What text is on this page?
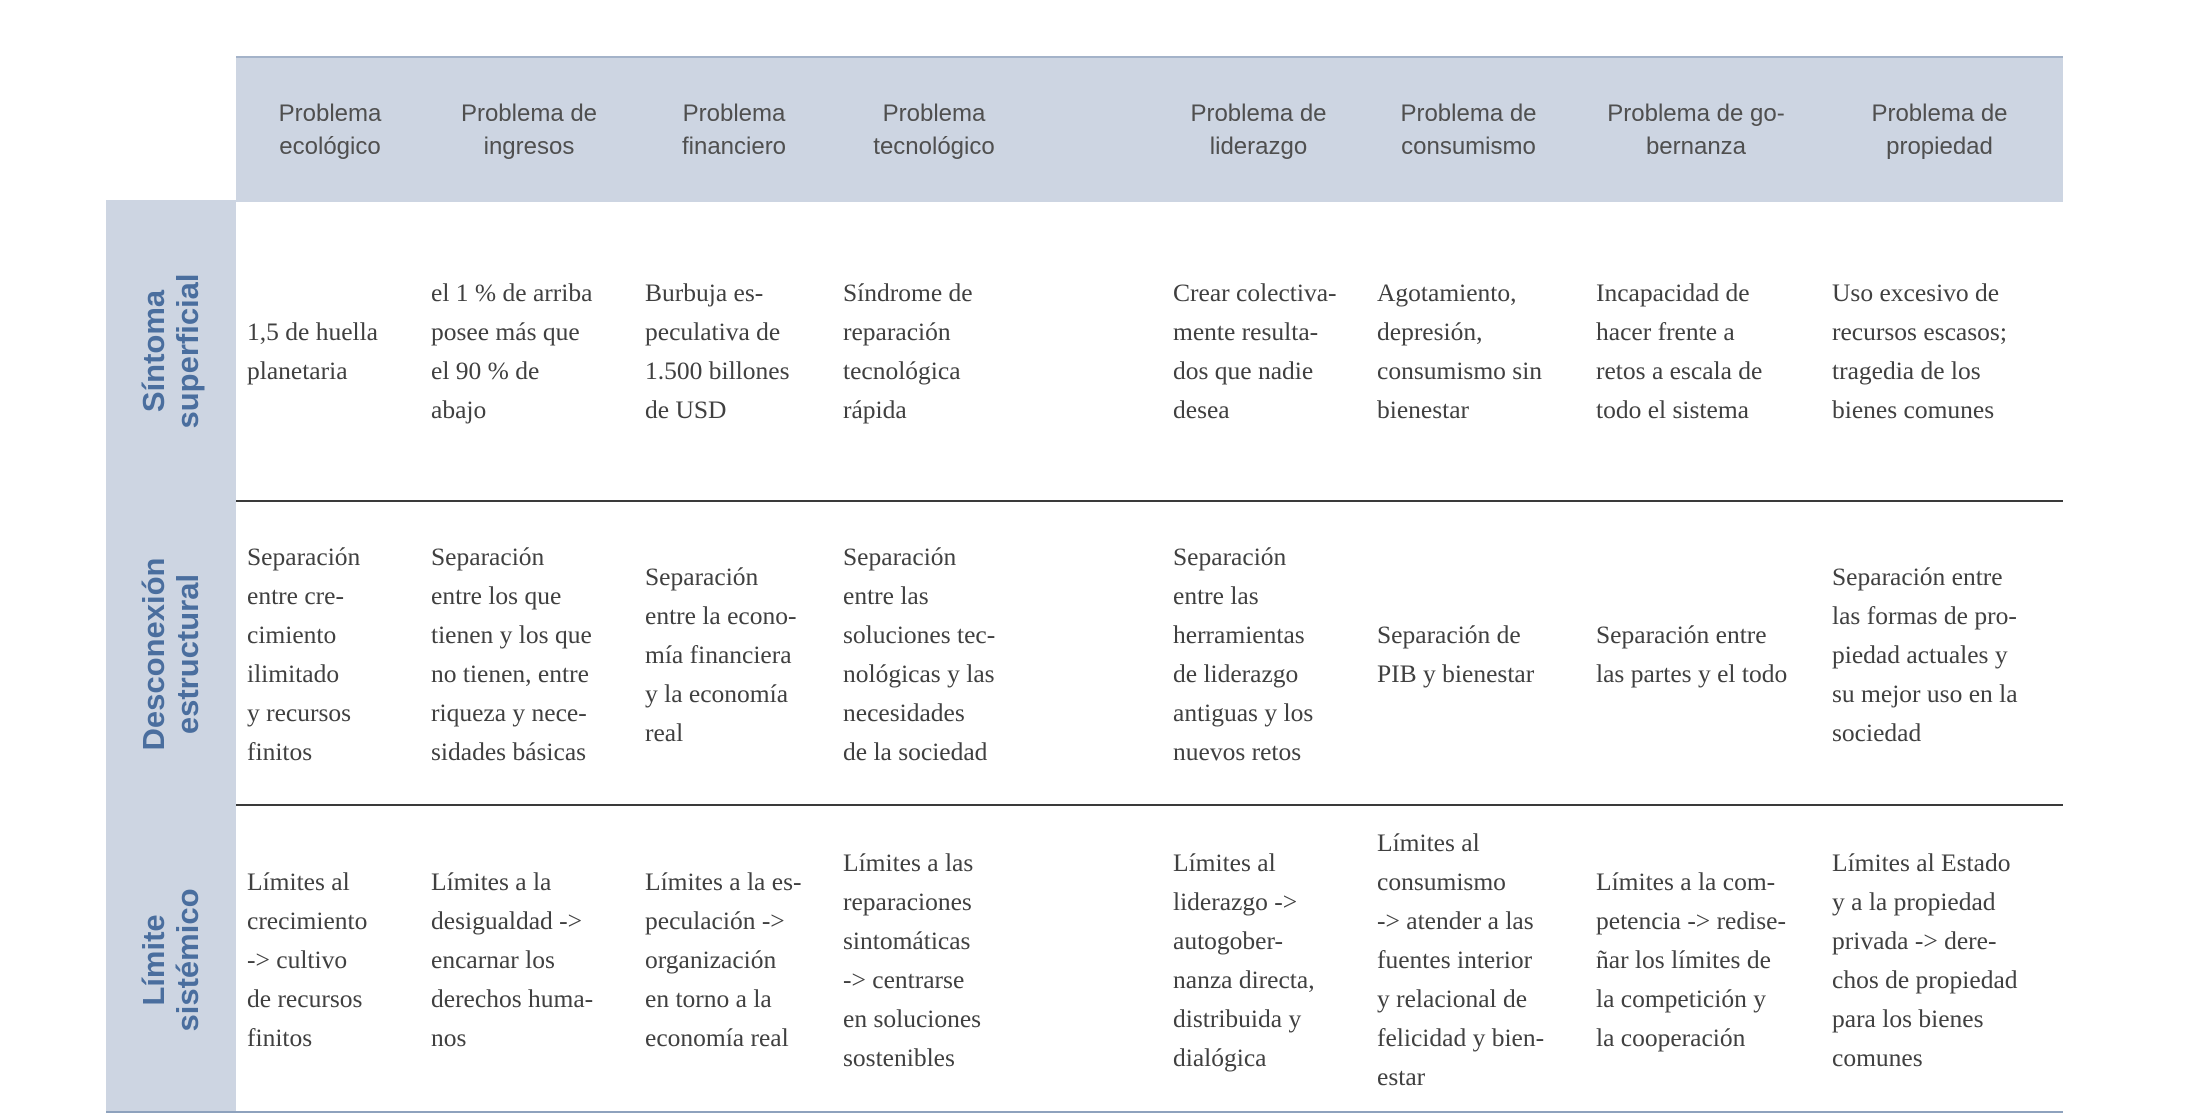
Problema
ecológico
Problema de
ingresos
Problema
financiero
Problema
tecnológico
Problema de
liderazgo
Problema de
consumismo
Problema de go-
bernanza
Problema de
propiedad
Síntoma
superficial 1,5 de huella
planetaria
el 1 % de arriba
posee más que
el 90 % de
abajo
Burbuja es-
peculativa de
1.500 billones
de USD
Síndrome de
reparación
tecnológica
rápida
Crear colectiva-
mente resulta-
dos que nadie
desea
Agotamiento,
depresión,
consumismo sin
bienestar
Incapacidad de
hacer frente a
retos a escala de
todo el sistema
Uso excesivo de
recursos escasos;
tragedia de los
bienes comunes
Desconexión
estructural
Separación
entre cre-
cimiento
ilimitado
y recursos
finitos
Separación
entre los que
tienen y los que
no tienen, entre
riqueza y nece-
sidades básicas
Separación
entre la econo-
mía financiera
y la economía
real
Separación
entre las
soluciones tec-
nológicas y las
necesidades
de la sociedad
Separación
entre las
herramientas
de liderazgo
antiguas y los
nuevos retos
Separación de
PIB y bienestar
Separación entre
las partes y el todo
Separación entre
las formas de pro-
piedad actuales y
su mejor uso en la
sociedad
Límite
sistémico
Límites al
crecimiento
-> cultivo
de recursos
finitos
Límites a la
desigualdad ->
encarnar los
derechos huma-
nos
Límites a la es-
peculación ->
organización
en torno a la
economía real
Límites a las
reparaciones
sintomáticas
-> centrarse
en soluciones
sostenibles
Límites al
liderazgo ->
autogober-
nanza directa,
distribuida y
dialógica
Límites al
consumismo
-> atender a las
fuentes interior
y relacional de
felicidad y bien-
estar
Límites a la com-
petencia -> redise-
ñar los límites de
la competición y
la cooperación
Límites al Estado
y a la propiedad
privada -> dere-
chos de propiedad
para los bienes
comunes
